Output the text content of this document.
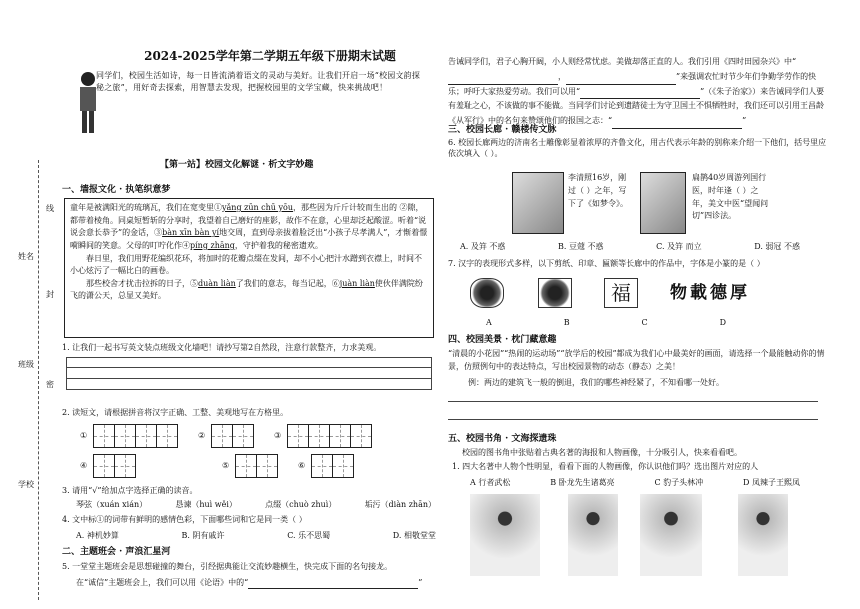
2024-2025学年第二学期五年级下册期末试题
同学们，校园生活如诗，每一日皆流淌着语文的灵动与美好。让我们开启一场“校园文韵探秘之旅”，用好奇去探索，用智慧去发现，把握校园里的文学宝藏，快来挑战吧！
姓名
班级
学校
线
封
密
【第一站】校园文化解谜 · 析文字妙趣
一、墙报文化 · 执笔织意梦

童年是被满阳光的琉璃瓦，我们在宽变里①yǎng zūn chū yōu，那些因为斤斤计较而生出的 ②隙，都带着棱角。同桌短暂斩的分享时，我望着自己磨好的座影，故作不在意，心里却泛起酸涩。听着“说说会意长恭予”的金话，③bàn xīn bàn yí地交周，直到母亲拔着脸泛出“小孩子尽孝满人”，才惭着憬嗬瞬间的笑意。父母的叮咛化作④píng zhāng，守护着我的秘密遗欢。

春日里，我们用野花编织花环，将加时的花瓣点缀在发间，却不小心把汁水蹭到衣襟上，时间不小心炫污了一幅比白的画卷。

那些校舍才扰击拉拆的日子，⑤duàn liàn了我们的意志，每当记起，⑥juàn liàn使伙伴满院纷飞的潇公天，总显又美好。

1. 让我们一起书写英文装点班级文化墙吧！请抄写第2自然段，注意行款整齐，力求美观。
2. 读短文，请根据拼音将汉字正确、工整、美观地写在方格里。
①	②	③
④	⑤	⑥
3. 请用“√”给加点字选择正确的读音。
琴弦（xuán xián）	恳谏（huì wěi）	点缀（chuò zhuì）	垢污（diàn zhān）
4. 文中标①的词带有鲜明的感情色彩，下面哪些词和它是同一类（ ）
A. 神机妙算	B. 阴有戚许	C. 乐不思蜀	D. 相敬堂堂
二、主题班会 · 声浪汇星河
5. 一堂堂主题班会是思想碰撞的舞台，引经据典能让交流妙趣横生，快完成下面的名句接龙。
在“诚信”主题班会上，我们可以用《论语》中的“	”
告诫同学们，君子心胸开阔，小人则经常忧虑。美做却落正直的人。我们引用《四时田园杂兴》中“，	”来强调农忙时节少年们争勤学劳作的快乐；呼吁大家热爱劳动。我们可以用“	”（《朱子治家》）来告诫同学们人要有羞耻之心，不该做的事不能做。当同学们讨论到遗踏徒士为守卫国土不惧牺牲时，我们还可以引用王昌龄《从军行》中的名句来赞颂他们的报国之志：“	”
三、校园长廊 · 赣楼传文脉
6. 校园长廊两边的济南名士雕像彰显着浓厚的齐鲁文化，用古代表示年龄的别称来介绍一下他们，括号里应依次填入（ ）。
李清照16岁，刚过（ ）之年，写下了《如梦令》。
扁鹊40岁周游列国行医，时年逢（ ）之年，美文中医“望闻问切”四诊法。
A. 及笄 不惑	B. 豆蔻 不惑	C. 及笄 而立	D. 弱冠 不惑
7. 汉字的表现形式多样，以下剪纸、印章、匾额等长廊中的作品中，字体是小篆的是（ ）
福	物載德厚
A	B	C	D
四、校园美景 · 枕门藏意趣
“清晨的小花园”“热闹的运动场”“放学后的校园”都成为我们心中最美好的画面，请选择一个最能触动你的情景，仿照例句中的表达特点，写出校园景物的动态（静态）之美！
例：两边的建筑飞一般的倒退，我们的哪些神经紧了，不知看哪一处好。
五、校园书角 · 文海探遗珠
校园的图书角中张贴着古典名著的海报和人物画像，十分吸引人，快来看看吧。
1. 四大名著中人物个性明显，看看下面的人物画像，你认识他们吗？选出图片对应的人
A 行者武松	B 卧龙先生诸葛亮	C 豹子头林冲	D 凤辣子王熙凤
